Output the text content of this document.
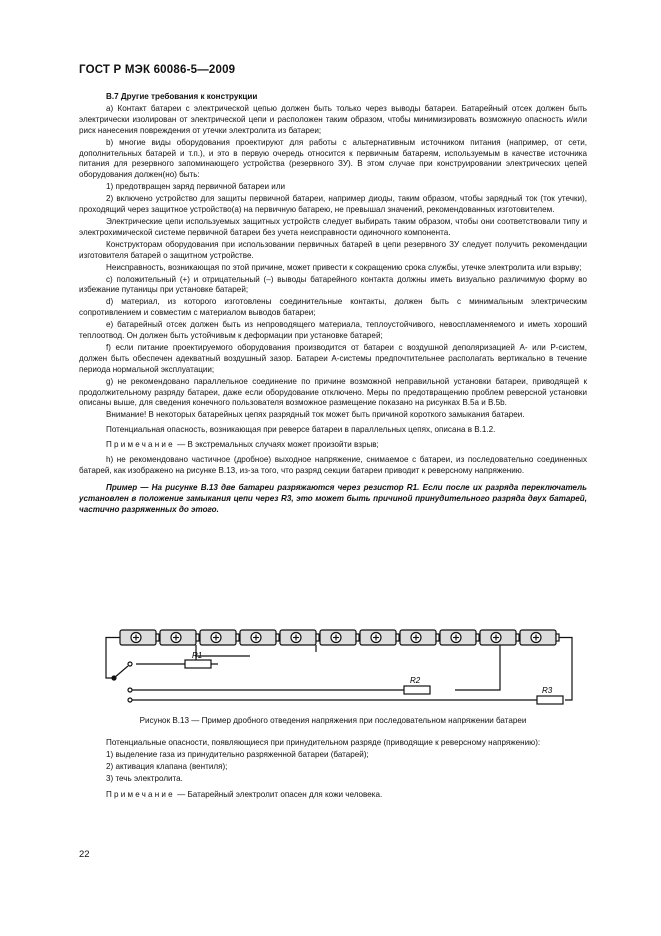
ГОСТ Р МЭК 60086-5—2009

В.7 Другие требования к конструкции

a) Контакт батареи с электрической цепью должен быть только через выводы батареи. Батарейный отсек должен быть электрически изолирован от электрической цепи и расположен таким образом, чтобы минимизировать возможную опасность и/или риск нанесения повреждения от утечки электролита из батареи;

b) многие виды оборудования проектируют для работы с альтернативным источником питания (например, от сети, дополнительных батарей и т.п.), и это в первую очередь относится к первичным батареям, используемым в качестве источника питания для резервного запоминающего устройства (резервного ЗУ). В этом случае при конструировании электрических цепей оборудования должен(но) быть:

1) предотвращен заряд первичной батареи или

2) включено устройство для защиты первичной батареи, например диоды, таким образом, чтобы зарядный ток (ток утечки), проходящий через защитное устройство(а) на первичную батарею, не превышал значений, рекомендованных изготовителем.

Электрические цепи используемых защитных устройств следует выбирать таким образом, чтобы они соответствовали типу и электрохимической системе первичной батареи без учета неисправности одиночного компонента.

Конструкторам оборудования при использовании первичных батарей в цепи резервного ЗУ следует получить рекомендации изготовителя батарей о защитном устройстве.

Неисправность, возникающая по этой причине, может привести к сокращению срока службы, утечке электролита или взрыву;

c) положительный (+) и отрицательный (–) выводы батарейного контакта должны иметь визуально различимую форму во избежание путаницы при установке батарей;

d) материал, из которого изготовлены соединительные контакты, должен быть с минимальным электрическим сопротивлением и совместим с материалом выводов батареи;

e) батарейный отсек должен быть из непроводящего материала, теплоустойчивого, невоспламеняемого и иметь хороший теплоотвод. Он должен быть устойчивым к деформации при установке батарей;

f) если питание проектируемого оборудования производится от батареи с воздушной деполяризацией А- или Р-систем, должен быть обеспечен адекватный воздушный зазор. Батареи А-системы предпочтительнее располагать вертикально в течение периода нормальной эксплуатации;

g) не рекомендовано параллельное соединение по причине возможной неправильной установки батареи, приводящей к продолжительному разряду батареи, даже если оборудование отключено. Меры по предотвращению проблем реверсной установки описаны выше, для сведения конечного пользователя возможное размещение показано на рисунках В.5a и В.5b.

Внимание! В некоторых батарейных цепях разрядный ток может быть причиной короткого замыкания батареи.

Потенциальная опасность, возникающая при реверсе батареи в параллельных цепях, описана в В.1.2.

Примечание — В экстремальных случаях может произойти взрыв;

h) не рекомендовано частичное (дробное) выходное напряжение, снимаемое с батареи, из последовательно соединенных батарей, как изображено на рисунке В.13, из-за того, что разряд секции батареи приводит к реверсному напряжению.

Пример — На рисунке В.13 две батареи разряжаются через резистор R1. Если после их разряда переключатель установлен в положение замыкания цепи через R3, это может быть причиной принудительного разряда двух батарей, частично разряженных до этого.

R1
R2
R3
Рисунок В.13 — Пример дробного отведения напряжения при последовательном напряжении батареи

Потенциальные опасности, появляющиеся при принудительном разряде (приводящие к реверсному напряжению):

1) выделение газа из принудительно разряженной батареи (батарей);

2) активация клапана (вентиля);

3) течь электролита.

Примечание — Батарейный электролит опасен для кожи человека.

22
